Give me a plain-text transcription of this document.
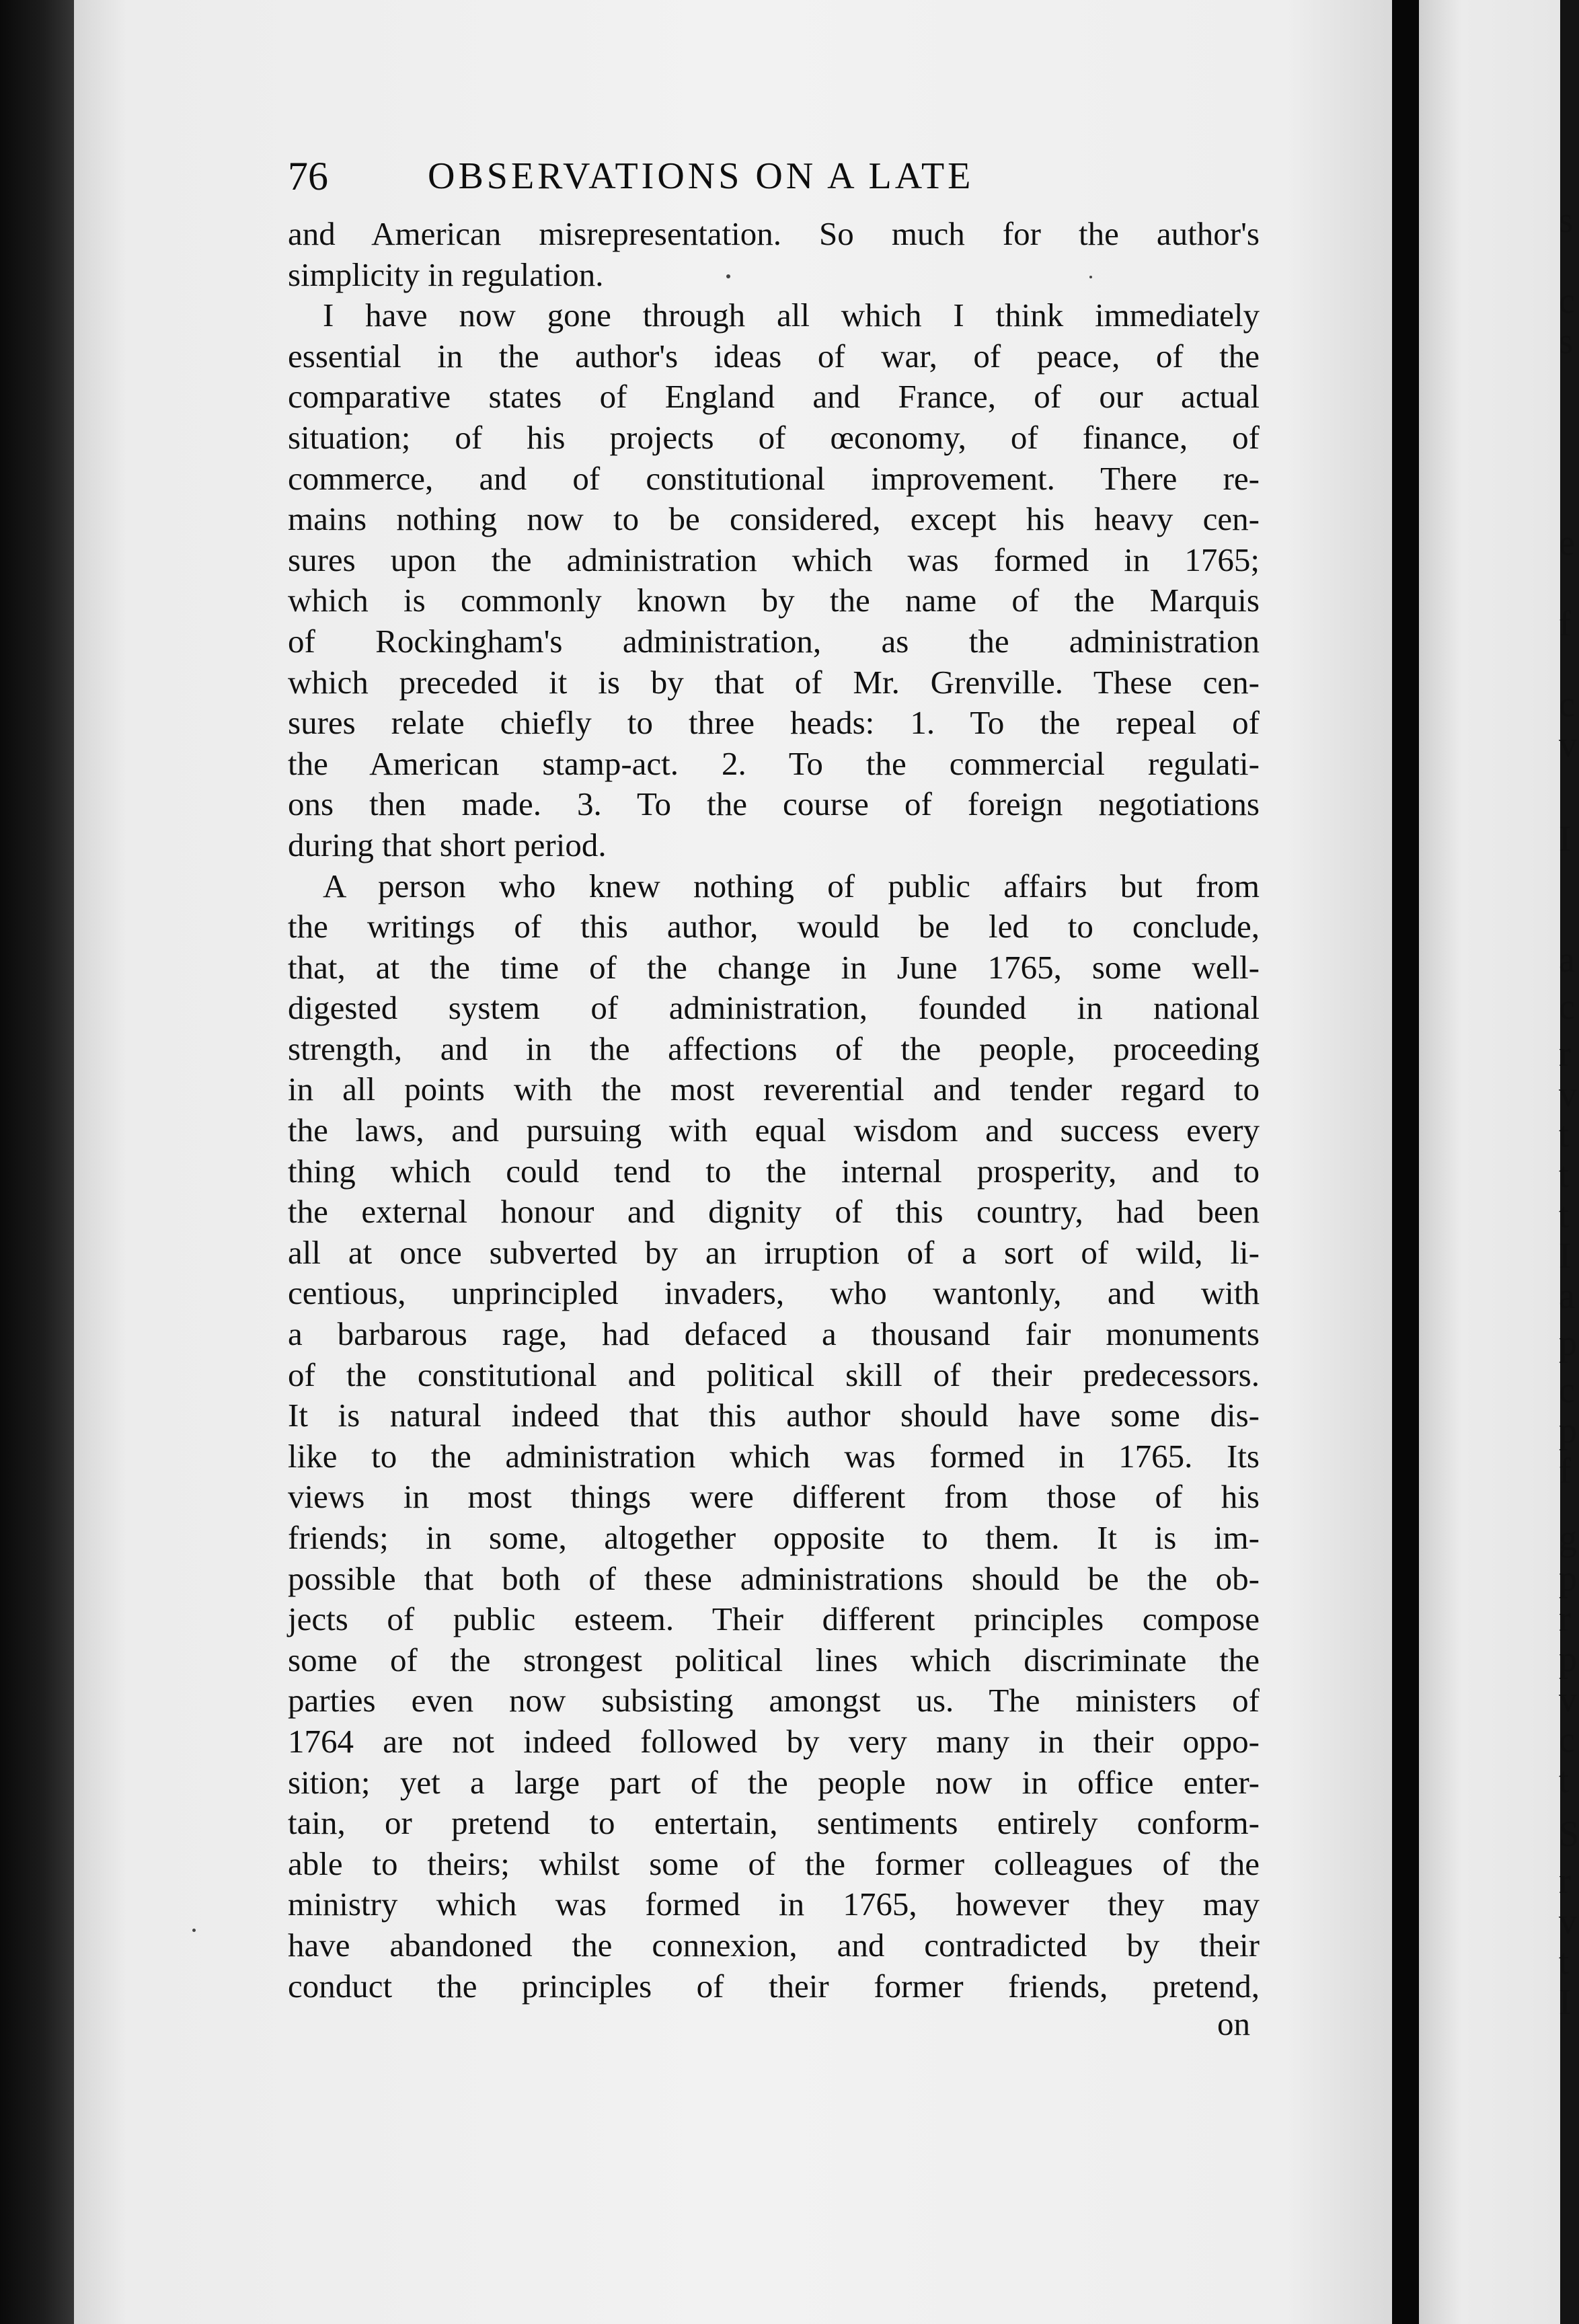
s
c
s
e
f
c
v
I
a
c
r
v
t
t
t
I
a
p
c
p
f
g
p
r
p
v
c
t
S
r
v
t
I
76	OBSERVATIONS ON A LATE
and American misrepresentation. So much for the author's
simplicity in regulation.
I have now gone through all which I think immediately
essential in the author's ideas of war, of peace, of the
comparative states of England and France, of our actual
situation; of his projects of œconomy, of finance, of
commerce, and of constitutional improvement. There re-
mains nothing now to be considered, except his heavy cen-
sures upon the administration which was formed in 1765;
which is commonly known by the name of the Marquis
of Rockingham's administration, as the administration
which preceded it is by that of Mr. Grenville. These cen-
sures relate chiefly to three heads: 1. To the repeal of
the American stamp-act. 2. To the commercial regulati-
ons then made. 3. To the course of foreign negotiations
during that short period.
A person who knew nothing of public affairs but from
the writings of this author, would be led to conclude,
that, at the time of the change in June 1765, some well-
digested system of administration, founded in national
strength, and in the affections of the people, proceeding
in all points with the most reverential and tender regard to
the laws, and pursuing with equal wisdom and success every
thing which could tend to the internal prosperity, and to
the external honour and dignity of this country, had been
all at once subverted by an irruption of a sort of wild, li-
centious, unprincipled invaders, who wantonly, and with
a barbarous rage, had defaced a thousand fair monuments
of the constitutional and political skill of their predecessors.
It is natural indeed that this author should have some dis-
like to the administration which was formed in 1765. Its
views in most things were different from those of his
friends; in some, altogether opposite to them. It is im-
possible that both of these administrations should be the ob-
jects of public esteem. Their different principles compose
some of the strongest political lines which discriminate the
parties even now subsisting amongst us. The ministers of
1764 are not indeed followed by very many in their oppo-
sition; yet a large part of the people now in office enter-
tain, or pretend to entertain, sentiments entirely conform-
able to theirs; whilst some of the former colleagues of the
ministry which was formed in 1765, however they may
have abandoned the connexion, and contradicted by their
conduct the principles of their former friends, pretend,
on
